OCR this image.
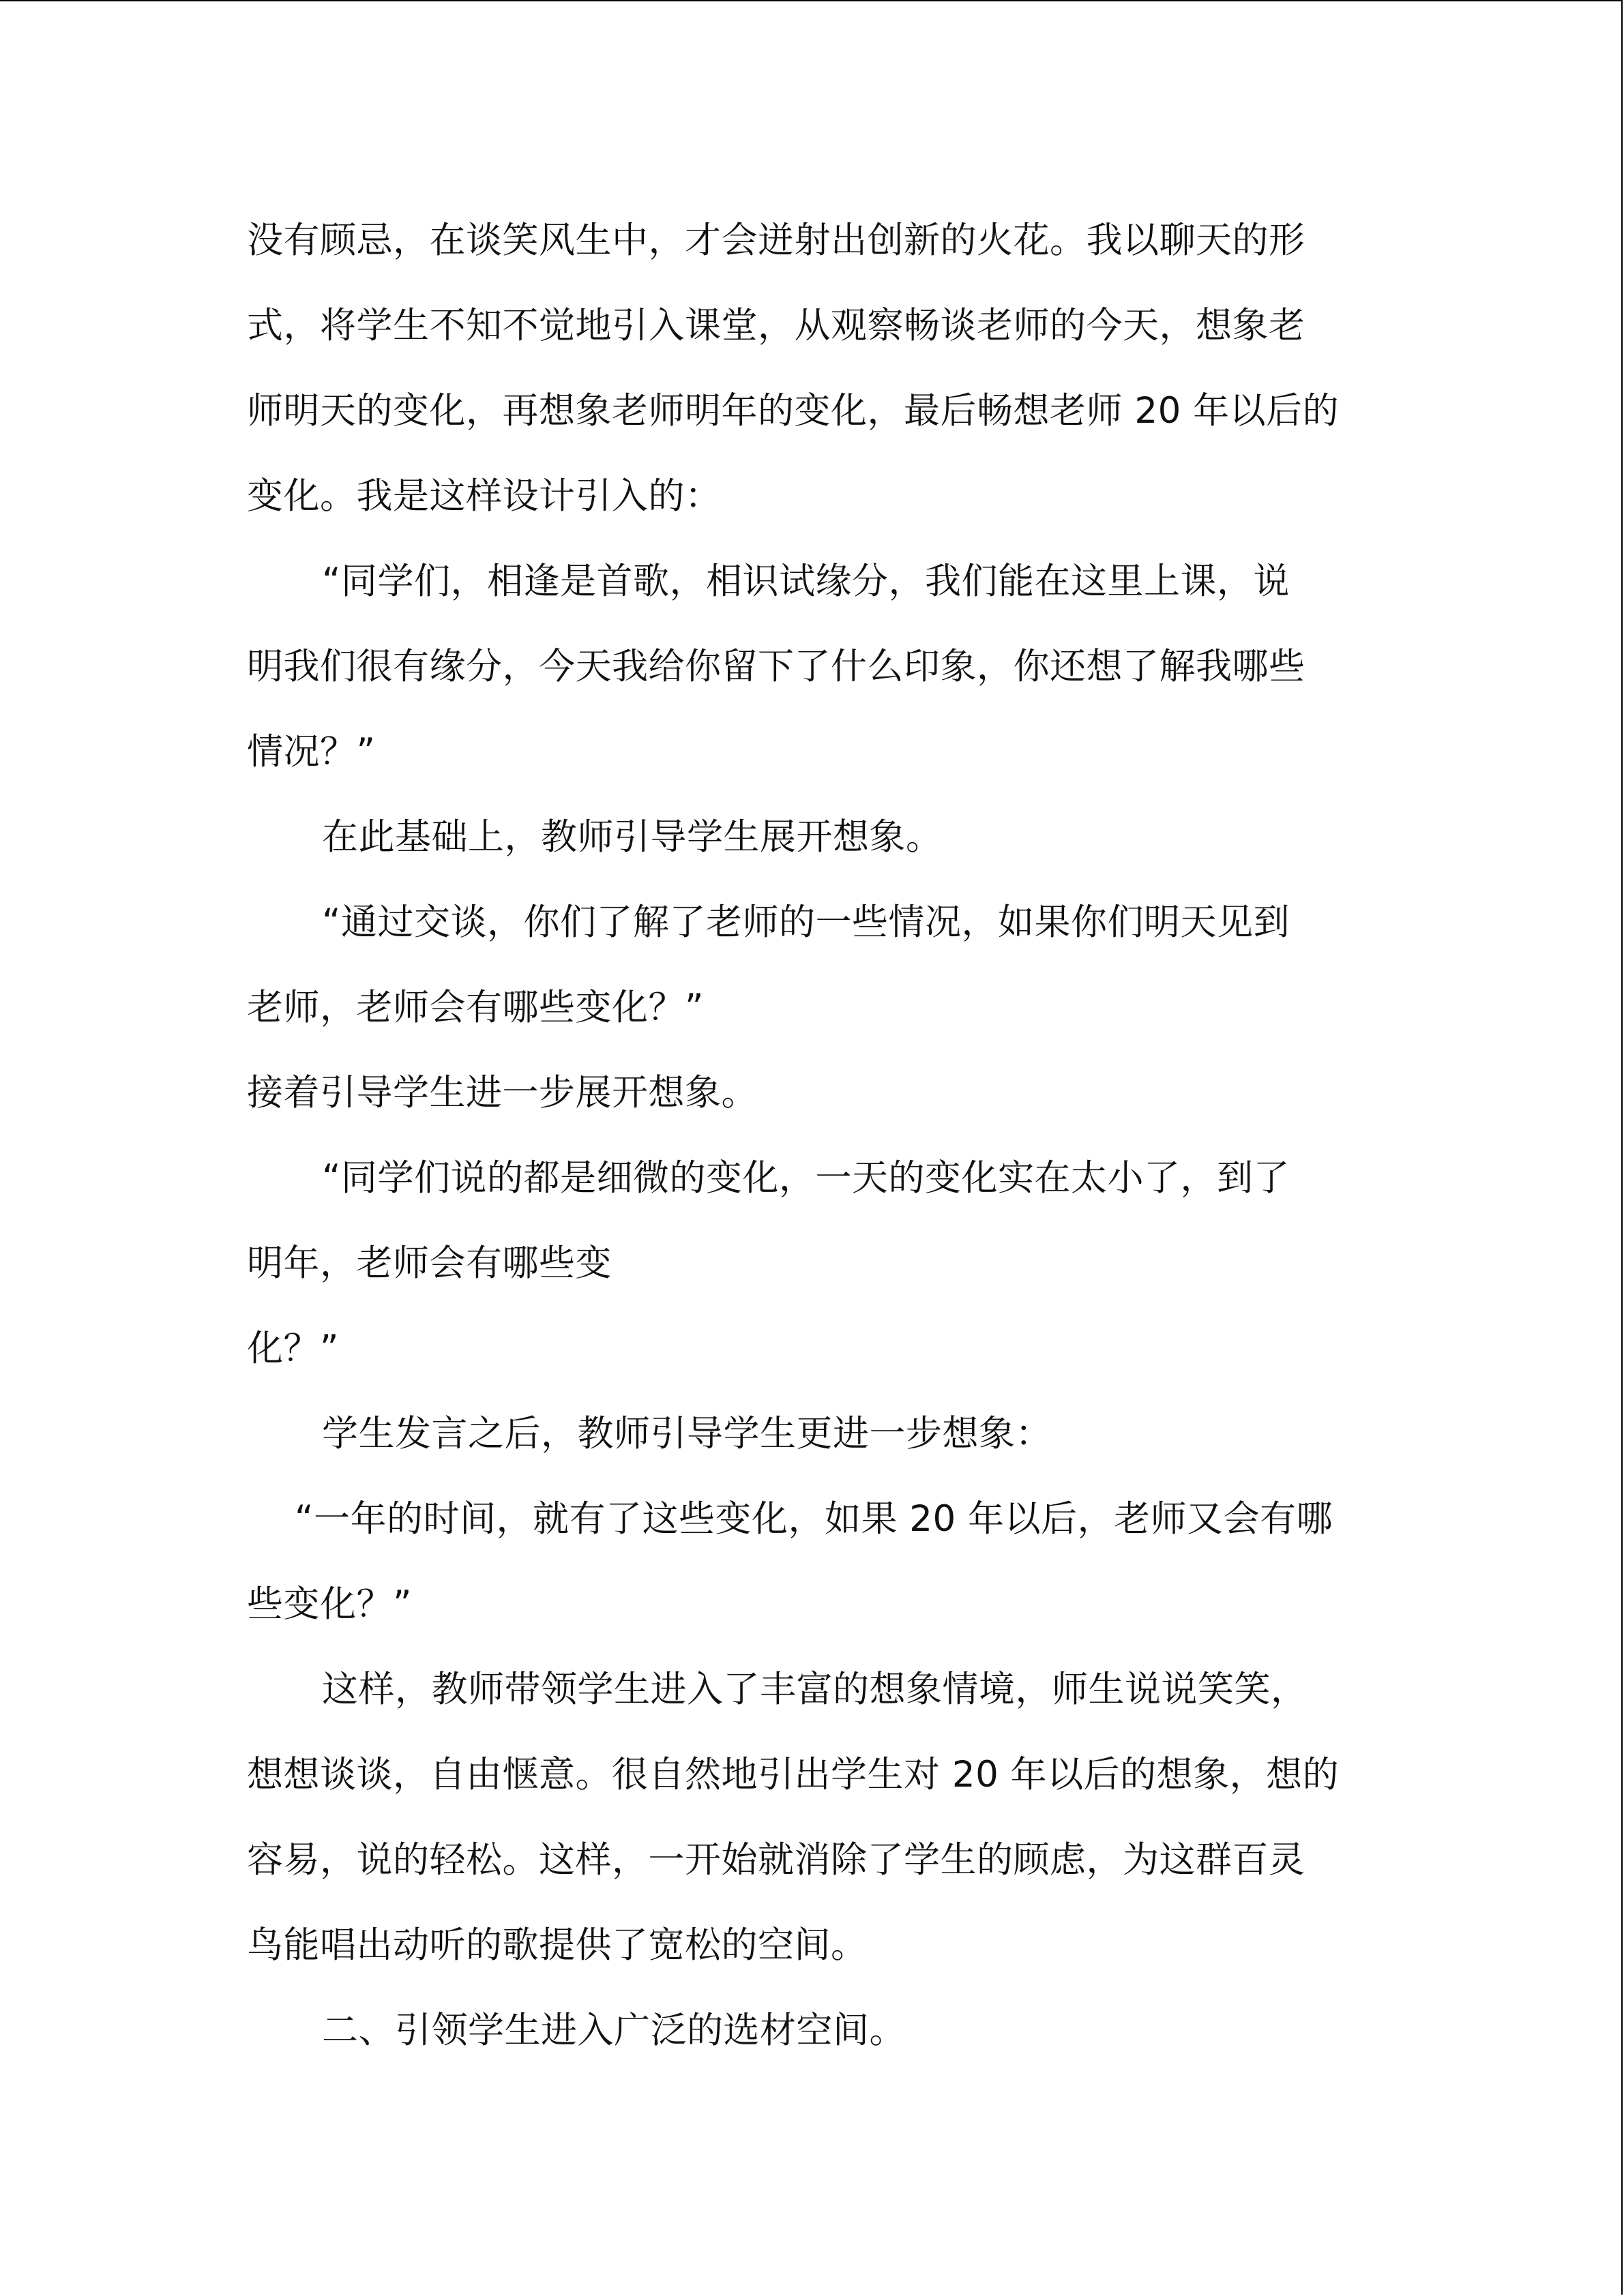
没有顾忌，在谈笑风生中，才会迸射出创新的火花。我以聊天的形
式，将学生不知不觉地引入课堂，从观察畅谈老师的今天，想象老
师明天的变化，再想象老师明年的变化，最后畅想老师 20 年以后的
变化。我是这样设计引入的：
“同学们，相逢是首歌，相识试缘分，我们能在这里上课，说
明我们很有缘分，今天我给你留下了什么印象，你还想了解我哪些
情况？”
在此基础上，教师引导学生展开想象。
“通过交谈，你们了解了老师的一些情况，如果你们明天见到
老师，老师会有哪些变化？”
接着引导学生进一步展开想象。
“同学们说的都是细微的变化，一天的变化实在太小了，到了
明年，老师会有哪些变
化？”
学生发言之后，教师引导学生更进一步想象：
“一年的时间，就有了这些变化，如果 20 年以后，老师又会有哪
些变化？”
这样，教师带领学生进入了丰富的想象情境，师生说说笑笑，
想想谈谈，自由惬意。很自然地引出学生对 20 年以后的想象，想的
容易，说的轻松。这样，一开始就消除了学生的顾虑，为这群百灵
鸟能唱出动听的歌提供了宽松的空间。
二、引领学生进入广泛的选材空间。
